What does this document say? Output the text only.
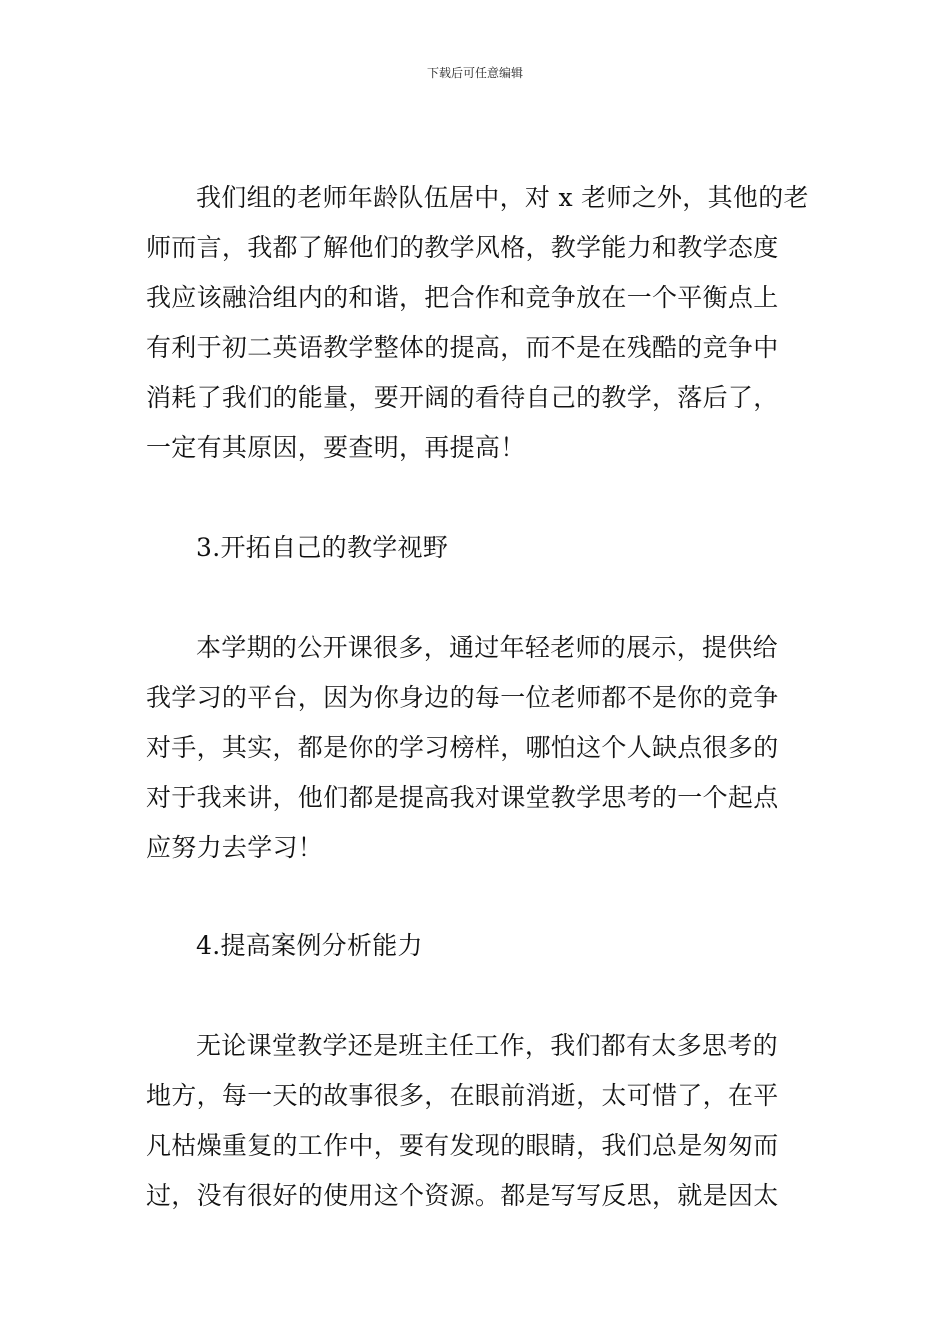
下载后可任意编辑
我们组的老师年龄队伍居中，对 x 老师之外，其他的老
师而言，我都了解他们的教学风格，教学能力和教学态度
我应该融洽组内的和谐，把合作和竞争放在一个平衡点上
有利于初二英语教学整体的提高，而不是在残酷的竞争中
消耗了我们的能量，要开阔的看待自己的教学，落后了，
一定有其原因，要查明，再提高！
3.开拓自己的教学视野
本学期的公开课很多，通过年轻老师的展示，提供给
我学习的平台，因为你身边的每一位老师都不是你的竞争
对手，其实，都是你的学习榜样，哪怕这个人缺点很多的
对于我来讲，他们都是提高我对课堂教学思考的一个起点
应努力去学习！
4.提高案例分析能力
无论课堂教学还是班主任工作，我们都有太多思考的
地方，每一天的故事很多，在眼前消逝，太可惜了，在平
凡枯燥重复的工作中，要有发现的眼睛，我们总是匆匆而
过，没有很好的使用这个资源。都是写写反思，就是因太
